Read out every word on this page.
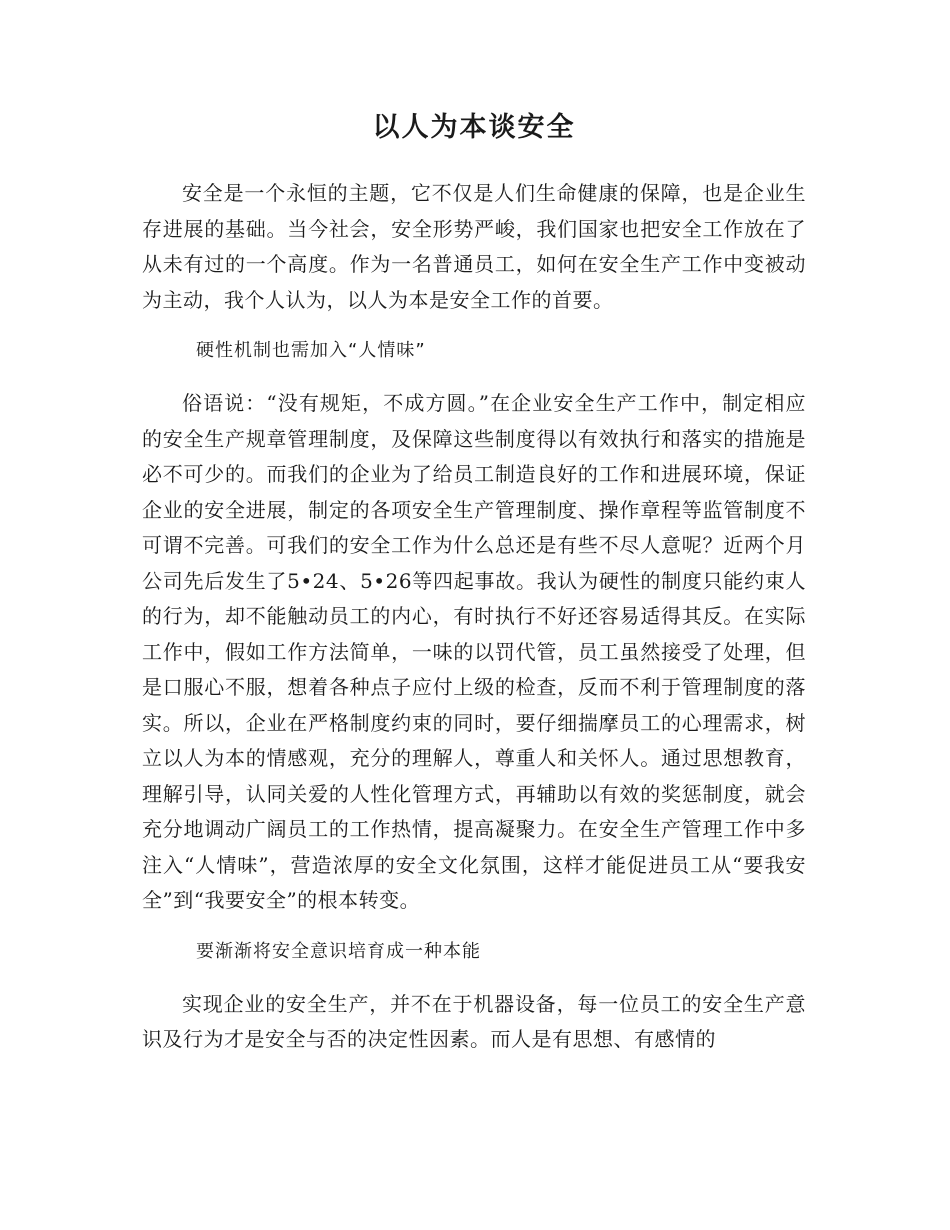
以人为本谈安全

安全是一个永恒的主题，它不仅是人们生命健康的保障，也是企业生存进展的基础。当今社会，安全形势严峻，我们国家也把安全工作放在了从未有过的一个高度。作为一名普通员工，如何在安全生产工作中变被动为主动，我个人认为，以人为本是安全工作的首要。

硬性机制也需加入“人情味”

俗语说：“没有规矩，不成方圆。”在企业安全生产工作中，制定相应的安全生产规章管理制度，及保障这些制度得以有效执行和落实的措施是必不可少的。而我们的企业为了给员工制造良好的工作和进展环境，保证企业的安全进展，制定的各项安全生产管理制度、操作章程等监管制度不可谓不完善。可我们的安全工作为什么总还是有些不尽人意呢？近两个月公司先后发生了5•24、5•26等四起事故。我认为硬性的制度只能约束人的行为，却不能触动员工的内心，有时执行不好还容易适得其反。在实际工作中，假如工作方法简单，一味的以罚代管，员工虽然接受了处理，但是口服心不服，想着各种点子应付上级的检查，反而不利于管理制度的落实。所以，企业在严格制度约束的同时，要仔细揣摩员工的心理需求，树立以人为本的情感观，充分的理解人，尊重人和关怀人。通过思想教育，理解引导，认同关爱的人性化管理方式，再辅助以有效的奖惩制度，就会充分地调动广阔员工的工作热情，提高凝聚力。在安全生产管理工作中多注入“人情味”，营造浓厚的安全文化氛围，这样才能促进员工从“要我安全”到“我要安全”的根本转变。

要渐渐将安全意识培育成一种本能

实现企业的安全生产，并不在于机器设备，每一位员工的安全生产意识及行为才是安全与否的决定性因素。而人是有思想、有感情的
